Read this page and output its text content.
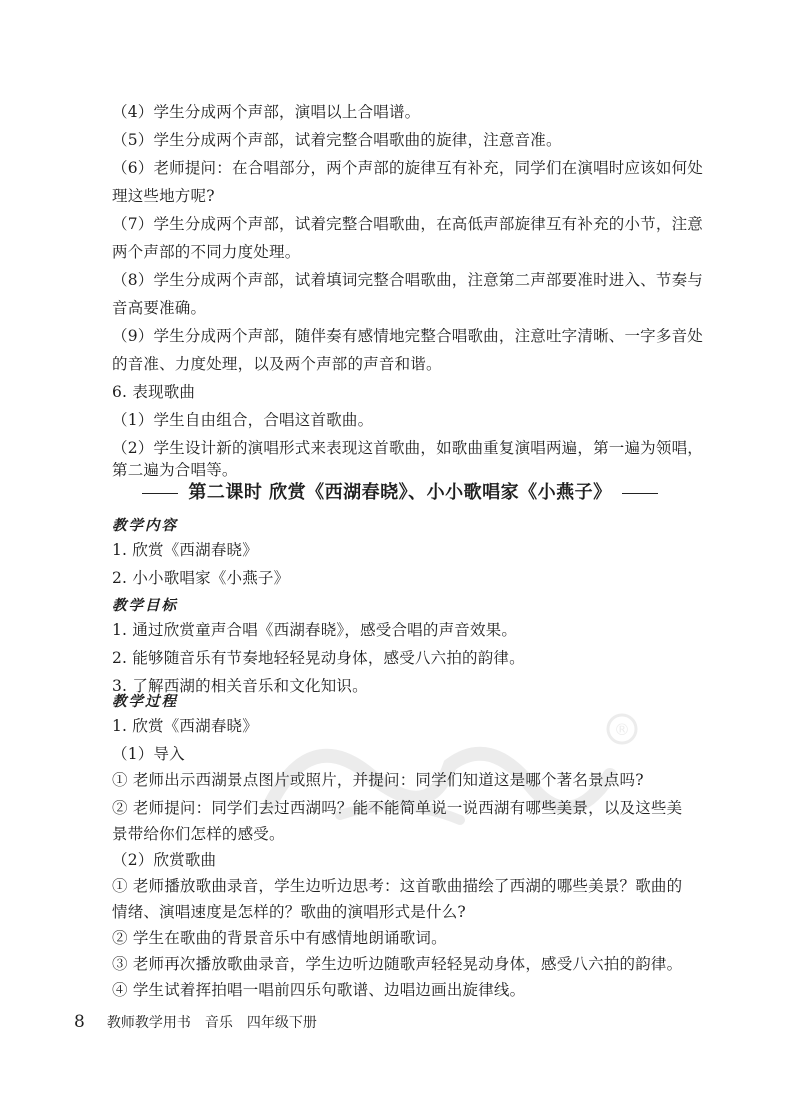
（4）学生分成两个声部，演唱以上合唱谱。

（5）学生分成两个声部，试着完整合唱歌曲的旋律，注意音准。

（6）老师提问：在合唱部分，两个声部的旋律互有补充，同学们在演唱时应该如何处

理这些地方呢?

（7）学生分成两个声部，试着完整合唱歌曲，在高低声部旋律互有补充的小节，注意

两个声部的不同力度处理。

（8）学生分成两个声部，试着填词完整合唱歌曲，注意第二声部要准时进入、节奏与

音高要准确。

（9）学生分成两个声部，随伴奏有感情地完整合唱歌曲，注意吐字清晰、一字多音处

的音准、力度处理，以及两个声部的声音和谐。

6. 表现歌曲

（1）学生自由组合，合唱这首歌曲。

（2）学生设计新的演唱形式来表现这首歌曲，如歌曲重复演唱两遍，第一遍为领唱，

第二遍为合唱等。

第二课时 欣赏《西湖春晓》、小小歌唱家《小燕子》
教学内容

1. 欣赏《西湖春晓》

2. 小小歌唱家《小燕子》

教学目标

1. 通过欣赏童声合唱《西湖春晓》，感受合唱的声音效果。

2. 能够随音乐有节奏地轻轻晃动身体，感受八六拍的韵律。

3. 了解西湖的相关音乐和文化知识。

教学过程

1. 欣赏《西湖春晓》

（1）导入

① 老师出示西湖景点图片或照片，并提问：同学们知道这是哪个著名景点吗?

② 老师提问：同学们去过西湖吗？能不能简单说一说西湖有哪些美景，以及这些美

景带给你们怎样的感受。

（2）欣赏歌曲

① 老师播放歌曲录音，学生边听边思考：这首歌曲描绘了西湖的哪些美景？歌曲的

情绪、演唱速度是怎样的？歌曲的演唱形式是什么?

② 学生在歌曲的背景音乐中有感情地朗诵歌词。

③ 老师再次播放歌曲录音，学生边听边随歌声轻轻晃动身体，感受八六拍的韵律。

④ 学生试着挥拍唱一唱前四乐句歌谱、边唱边画出旋律线。

®
8 教师教学用书 音乐 四年级下册
